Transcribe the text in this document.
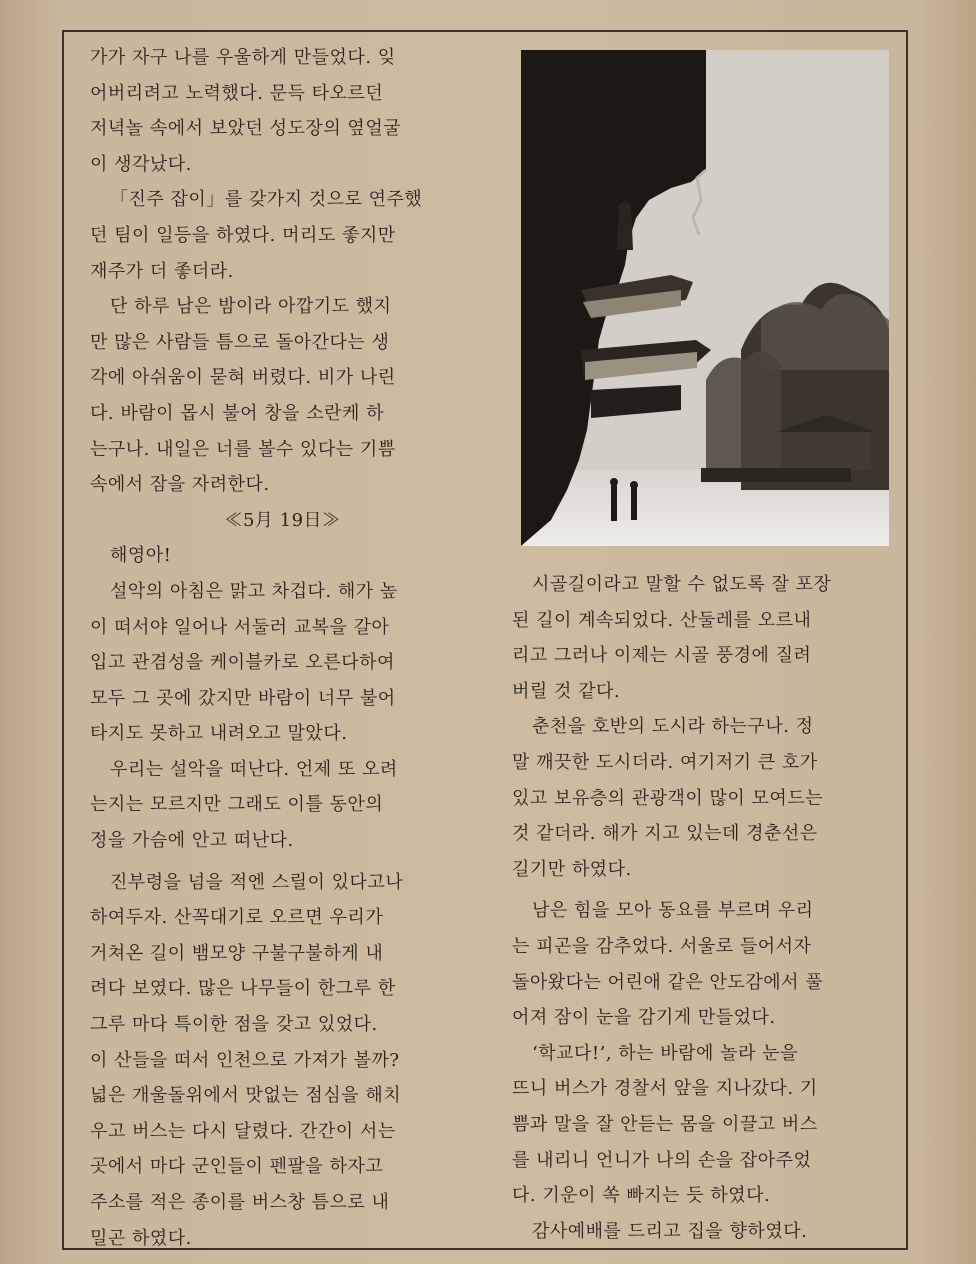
가가 자구 나를 우울하게 만들었다. 잊
어버리려고 노력했다. 문득 타오르던
저녁놀 속에서 보았던 성도장의 옆얼굴
이 생각났다.
「진주 잡이」를 갖가지 것으로 연주했
던 팀이 일등을 하였다. 머리도 좋지만
재주가 더 좋더라.
단 하루 남은 밤이라 아깝기도 했지
만 많은 사람들 틈으로 돌아간다는 생
각에 아쉬움이 묻혀 버렸다. 비가 나린
다. 바람이 몹시 불어 창을 소란케 하
는구나. 내일은 너를 볼수 있다는 기쁨
속에서 잠을 자려한다.
≪5月 19日≫
해영아!
설악의 아침은 맑고 차겁다. 해가 높
이 떠서야 일어나 서둘러 교복을 갈아
입고 관겸성을 케이블카로 오른다하여
모두 그 곳에 갔지만 바람이 너무 불어
타지도 못하고 내려오고 말았다.
우리는 설악을 떠난다. 언제 또 오려
는지는 모르지만 그래도 이틀 동안의
정을 가슴에 안고 떠난다.
진부령을 넘을 적엔 스릴이 있다고나
하여두자. 산꼭대기로 오르면 우리가
거쳐온 길이 뱀모양 구불구불하게 내
려다 보였다. 많은 나무들이 한그루 한
그루 마다 특이한 점을 갖고 있었다.
이 산들을 떠서 인천으로 가져가 볼까?
넓은 개울돌위에서 맛없는 점심을 해치
우고 버스는 다시 달렸다. 간간이 서는
곳에서 마다 군인들이 펜팔을 하자고
주소를 적은 종이를 버스창 틈으로 내
밀곤 하였다.
시골길이라고 말할 수 없도록 잘 포장
된 길이 계속되었다. 산둘레를 오르내
리고 그러나 이제는 시골 풍경에 질려
버릴 것 같다.
춘천을 호반의 도시라 하는구나. 정
말 깨끗한 도시더라. 여기저기 큰 호가
있고 보유층의 관광객이 많이 모여드는
것 같더라. 해가 지고 있는데 경춘선은
길기만 하였다.
남은 힘을 모아 동요를 부르며 우리
는 피곤을 감추었다. 서울로 들어서자
돌아왔다는 어린애 같은 안도감에서 풀
어져 잠이 눈을 감기게 만들었다.
‘학교다!’, 하는 바람에 놀라 눈을
뜨니 버스가 경찰서 앞을 지나갔다. 기
쁨과 말을 잘 안듣는 몸을 이끌고 버스
를 내리니 언니가 나의 손을 잡아주었
다. 기운이 쏙 빠지는 듯 하였다.
감사예배를 드리고 집을 향하였다.
